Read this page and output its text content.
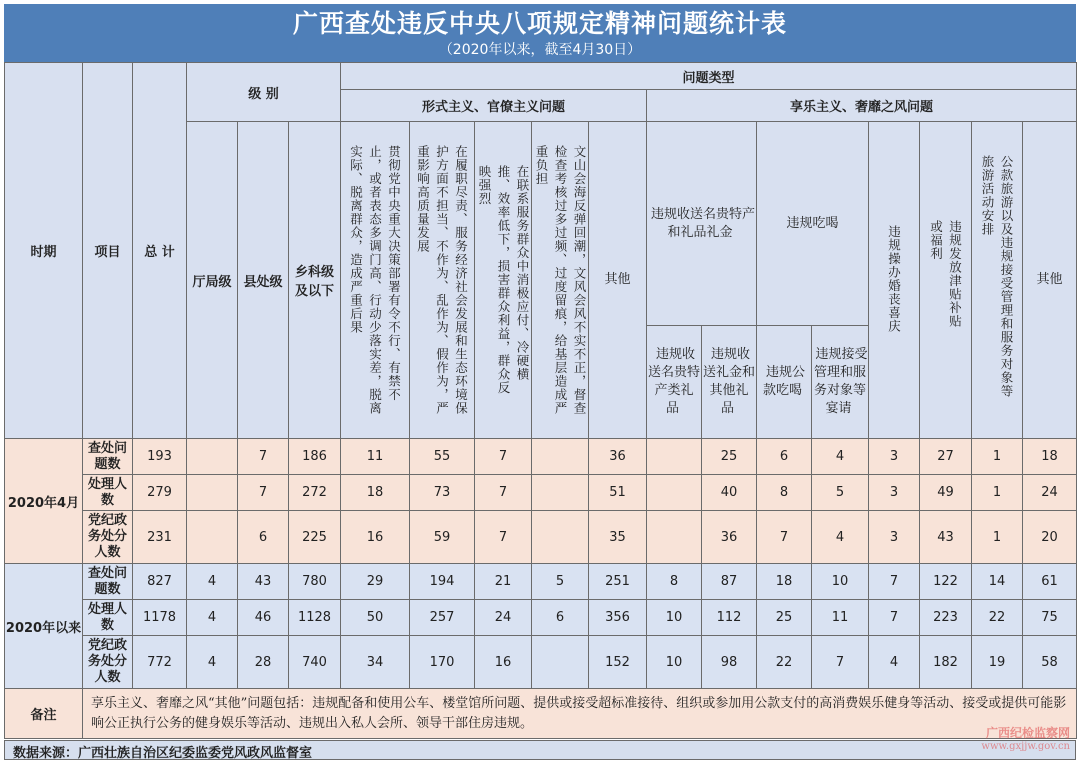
广西查处违反中央八项规定精神问题统计表
（2020年以来，截至4月30日）
时期	项目	总 计	级 别			问题类型												
						形式主义、官僚主义问题					享乐主义、奢靡之风问题							
			厅局级	县处级	乡科级及以下	贯彻党中央重大决策部署有令不行、有禁不止，或者表态多调门高、行动少落实差，脱离实际、脱离群众，造成严重后果	在履职尽责、服务经济社会发展和生态环境保护方面不担当、不作为、乱作为、假作为，严重影响高质量发展	在联系服务群众中消极应付、冷硬横推、效率低下，损害群众利益，群众反映强烈	文山会海反弹回潮，文风会风不实不正，督查检查考核过多过频、过度留痕，给基层造成严重负担	其他	违规收送名贵特产和礼品礼金		违规吃喝		违规操办婚丧喜庆	违规发放津贴补贴或福利	公款旅游以及违规接受管理和服务对象等旅游活动安排	其他
											违规收送名贵特产类礼品	违规收送礼金和其他礼品	违规公款吃喝	违规接受管理和服务对象等宴请				
2020年4月	查处问题数	193		7	186	11	55	7		36		25	6	4	3	27	1	18
	处理人数	279		7	272	18	73	7		51		40	8	5	3	49	1	24
	党纪政务处分人数	231		6	225	16	59	7		35		36	7	4	3	43	1	20
2020年以来	查处问题数	827	4	43	780	29	194	21	5	251	8	87	18	10	7	122	14	61
	处理人数	1178	4	46	1128	50	257	24	6	356	10	112	25	11	7	223	22	75
	党纪政务处分人数	772	4	28	740	34	170	16		152	10	98	22	7	4	182	19	58
备注	享乐主义、奢靡之风“其他”问题包括：违规配备和使用公车、楼堂馆所问题、提供或接受超标准接待、组织或参加用公款支付的高消费娱乐健身等活动、接受或提供可能影响公正执行公务的健身娱乐等活动、违规出入私人会所、领导干部住房违规。																	
数据来源：广西壮族自治区纪委监委党风政风监督室
广西纪检监察网
www.gxjjw.gov.cn
